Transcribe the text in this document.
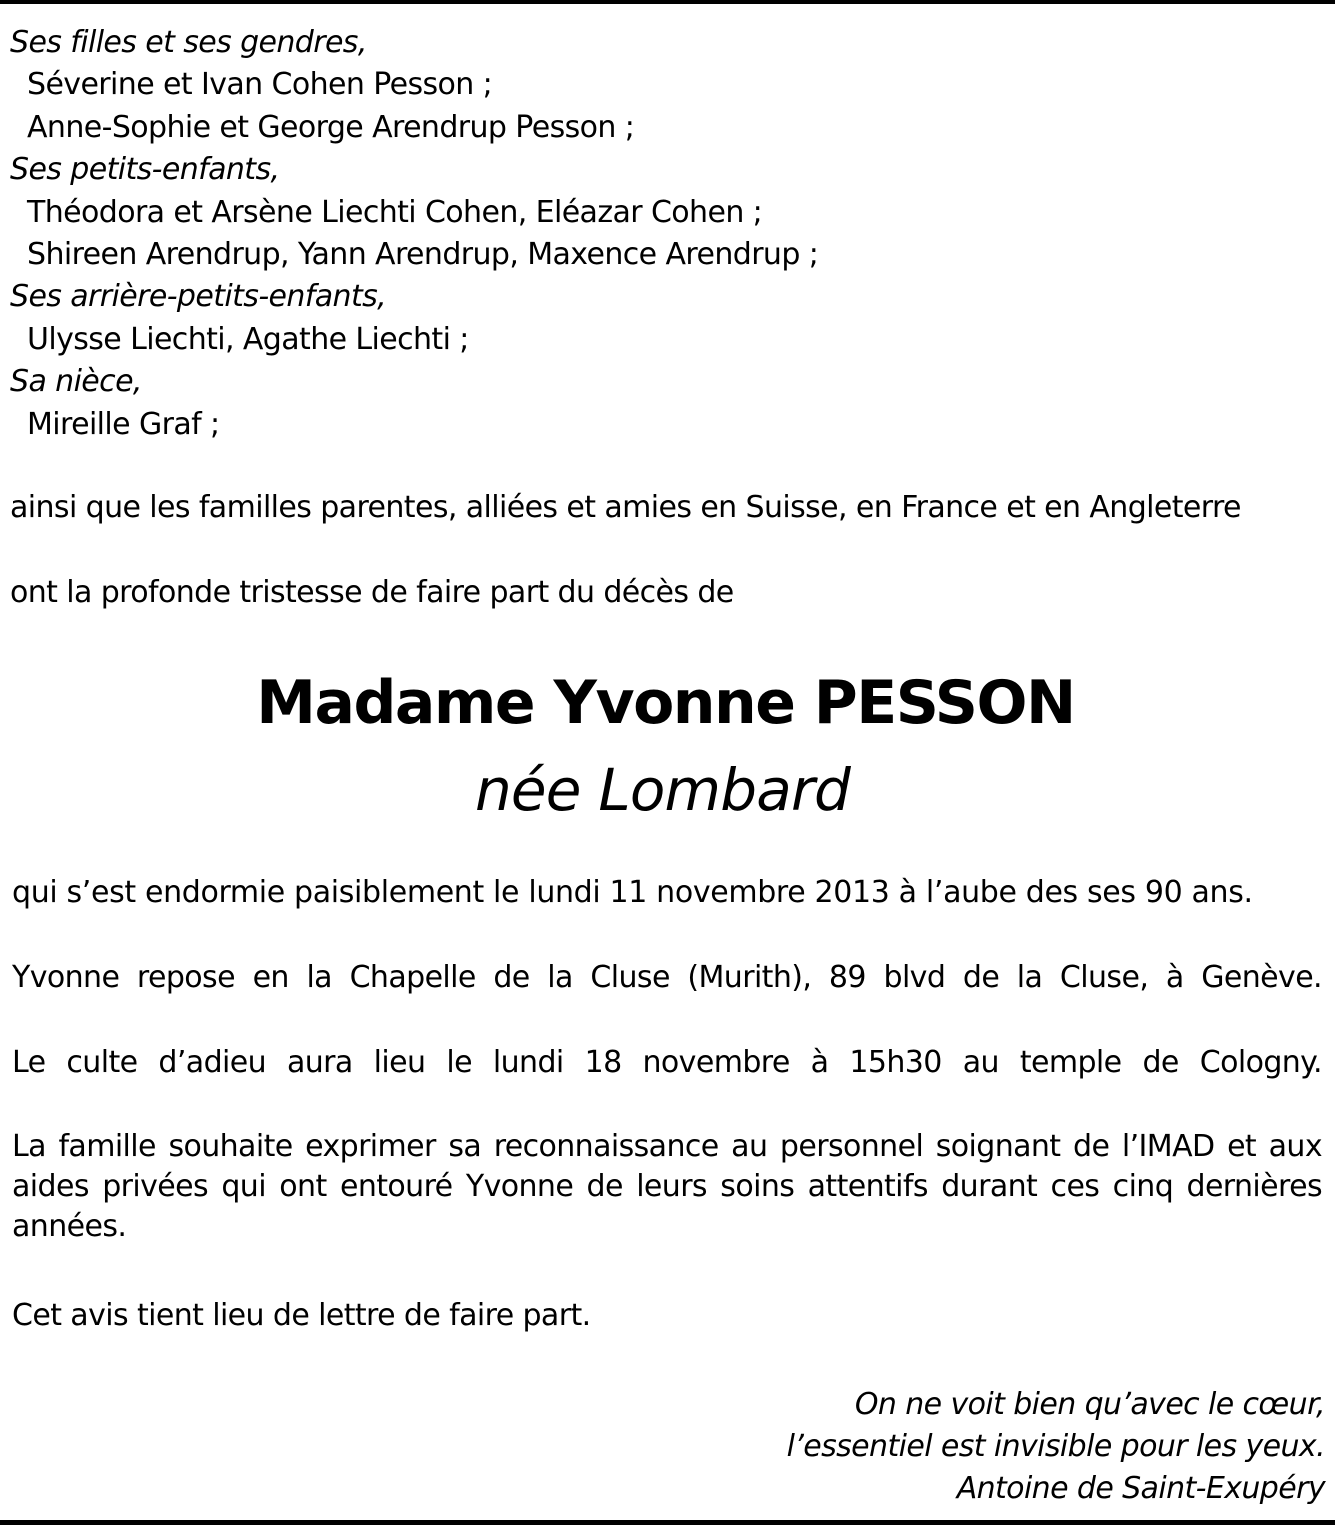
Ses filles et ses gendres,
Séverine et Ivan Cohen Pesson ;
Anne-Sophie et George Arendrup Pesson ;
Ses petits-enfants,
Théodora et Arsène Liechti Cohen, Eléazar Cohen ;
Shireen Arendrup, Yann Arendrup, Maxence Arendrup ;
Ses arrière-petits-enfants,
Ulysse Liechti, Agathe Liechti ;
Sa nièce,
Mireille Graf ;
ainsi que les familles parentes, alliées et amies en Suisse, en France et en Angleterre
ont la profonde tristesse de faire part du décès de
Madame Yvonne PESSON
née Lombard
qui s’est endormie paisiblement le lundi 11 novembre 2013 à l’aube des ses 90 ans.
Yvonne repose en la Chapelle de la Cluse (Murith), 89 blvd de la Cluse, à Genève.
Le culte d’adieu aura lieu le lundi 18 novembre à 15h30 au temple de Cologny.
La famille souhaite exprimer sa reconnaissance au personnel soignant de l’IMAD et aux aides privées qui ont entouré Yvonne de leurs soins attentifs durant ces cinq dernières années.
Cet avis tient lieu de lettre de faire part.
On ne voit bien qu’avec le cœur,
l’essentiel est invisible pour les yeux.
Antoine de Saint-Exupéry
